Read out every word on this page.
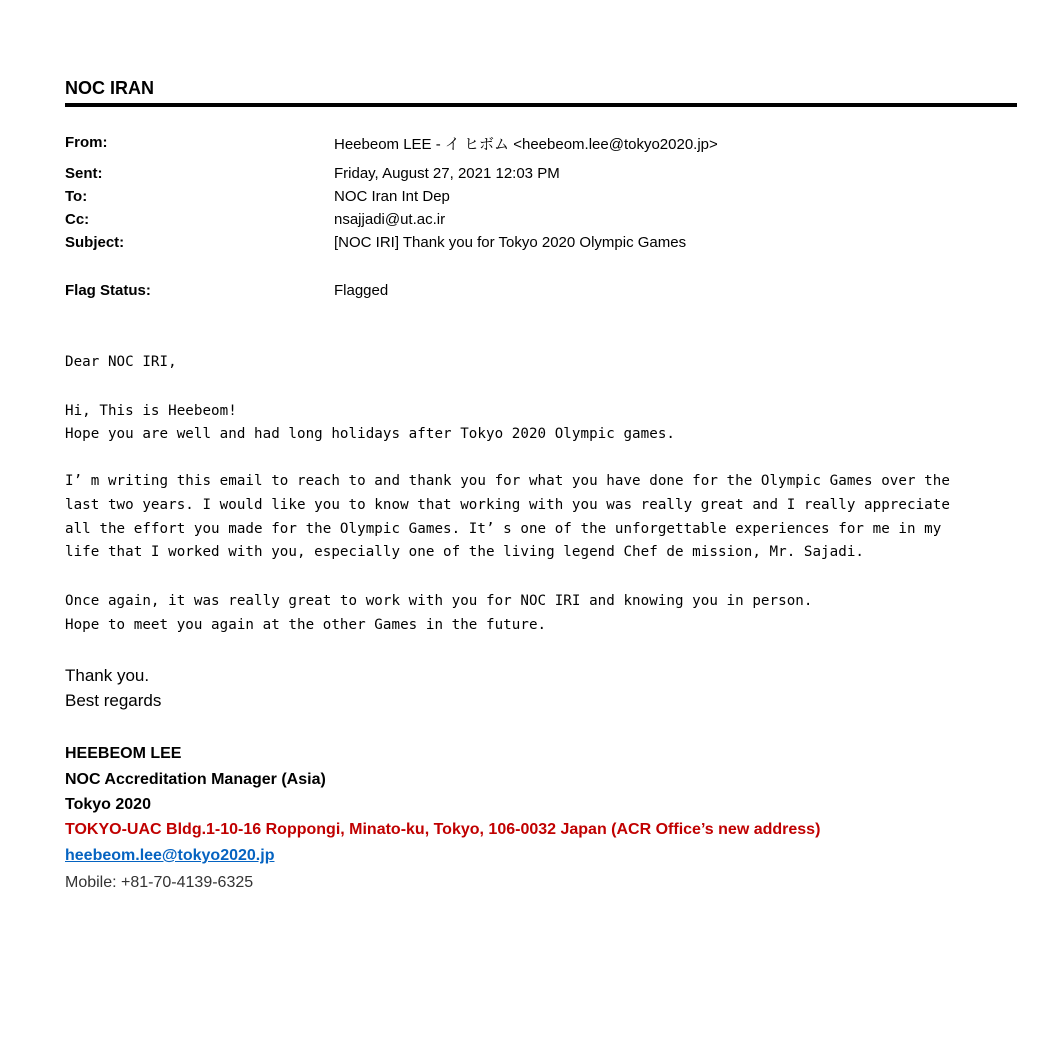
NOC IRAN
From:	Heebeom LEE - イ ヒボム <heebeom.lee@tokyo2020.jp>
Sent:	Friday, August 27, 2021 12:03 PM
To:	NOC Iran Int Dep
Cc:	nsajjadi@ut.ac.ir
Subject:	[NOC IRI] Thank you for Tokyo 2020 Olympic Games
Flag Status:	Flagged
Dear NOC IRI,
Hi, This is Heebeom!
Hope you are well and had long holidays after Tokyo 2020 Olympic games.
I’ m writing this email to reach to and thank you for what you have done for the Olympic Games over the
last two years. I would like you to know that working with you was really great and I really appreciate
all the effort you made for the Olympic Games. It’ s one of the unforgettable experiences for me in my
life that I worked with you, especially one of the living legend Chef de mission, Mr. Sajadi.
Once again, it was really great to work with you for NOC IRI and knowing you in person.
Hope to meet you again at the other Games in the future.
Thank you.
Best regards
HEEBEOM LEE
NOC Accreditation Manager (Asia)
Tokyo 2020
TOKYO-UAC Bldg.1-10-16 Roppongi, Minato-ku, Tokyo, 106-0032 Japan (ACR Office’s new address)
heebeom.lee@tokyo2020.jp
Mobile: +81-70-4139-6325
